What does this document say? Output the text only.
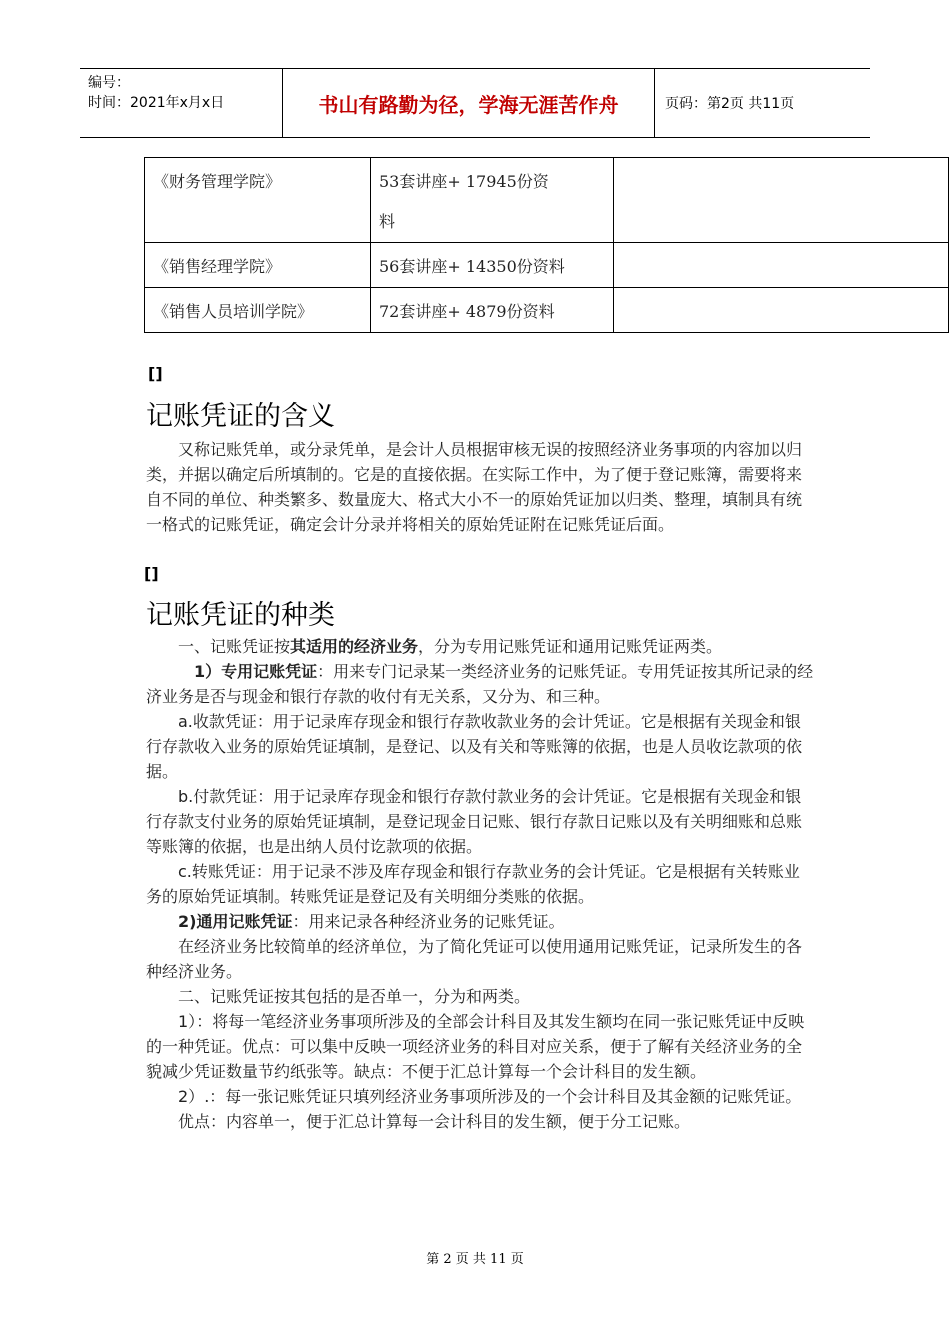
编号：
时间：2021年x月x日	书山有路勤为径，学海无涯苦作舟	页码：第2页 共11页
《财务管理学院》	53套讲座+ 17945份资
料	

《销售经理学院》	56套讲座+ 14350份资料	
《销售人员培训学院》	72套讲座+ 4879份资料	
[]
记账凭证的含义

又称记账凭单，或分录凭单，是会计人员根据审核无误的按照经济业务事项的内容加以归类，并据以确定后所填制的。它是的直接依据。在实际工作中，为了便于登记账簿，需要将来自不同的单位、种类繁多、数量庞大、格式大小不一的原始凭证加以归类、整理，填制具有统一格式的记账凭证，确定会计分录并将相关的原始凭证附在记账凭证后面。

[]
记账凭证的种类

一、记账凭证按其适用的经济业务，分为专用记账凭证和通用记账凭证两类。

1）专用记账凭证：用来专门记录某一类经济业务的记账凭证。专用凭证按其所记录的经济业务是否与现金和银行存款的收付有无关系，又分为、和三种。

a.收款凭证：用于记录库存现金和银行存款收款业务的会计凭证。它是根据有关现金和银行存款收入业务的原始凭证填制，是登记、以及有关和等账簿的依据，也是人员收讫款项的依据。

b.付款凭证：用于记录库存现金和银行存款付款业务的会计凭证。它是根据有关现金和银行存款支付业务的原始凭证填制，是登记现金日记账、银行存款日记账以及有关明细账和总账等账簿的依据，也是出纳人员付讫款项的依据。

c.转账凭证：用于记录不涉及库存现金和银行存款业务的会计凭证。它是根据有关转账业务的原始凭证填制。转账凭证是登记及有关明细分类账的依据。

2)通用记账凭证：用来记录各种经济业务的记账凭证。

在经济业务比较简单的经济单位，为了简化凭证可以使用通用记账凭证，记录所发生的各种经济业务。

二、记账凭证按其包括的是否单一，分为和两类。

1）：将每一笔经济业务事项所涉及的全部会计科目及其发生额均在同一张记账凭证中反映的一种凭证。优点：可以集中反映一项经济业务的科目对应关系，便于了解有关经济业务的全貌减少凭证数量节约纸张等。缺点：不便于汇总计算每一个会计科目的发生额。

2）.：每一张记账凭证只填列经济业务事项所涉及的一个会计科目及其金额的记账凭证。

优点：内容单一，便于汇总计算每一会计科目的发生额，便于分工记账。

第 2 页 共 11 页
